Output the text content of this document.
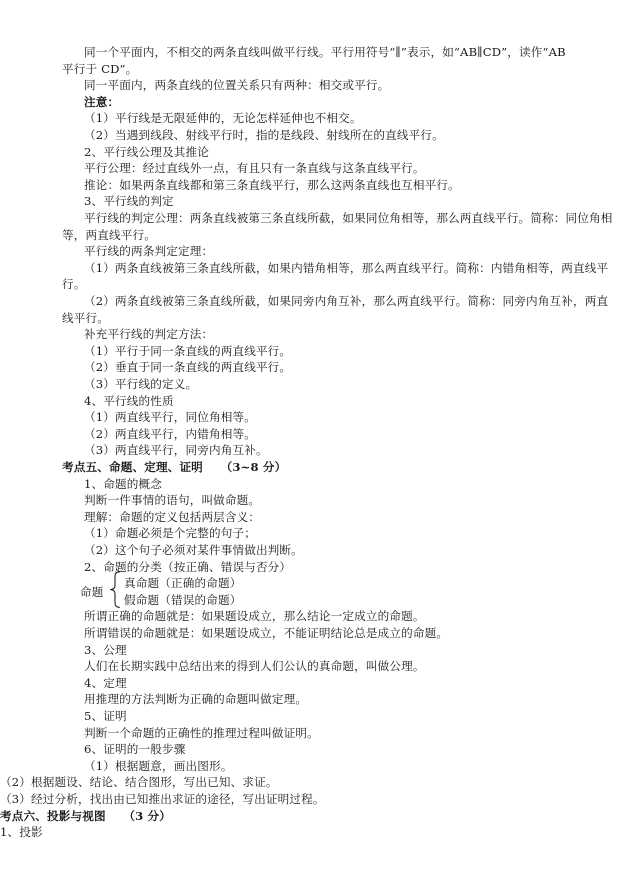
同一个平面内，不相交的两条直线叫做平行线。平行用符号“∥”表示，如“AB∥CD”，读作“AB
平行于 CD”。
同一平面内，两条直线的位置关系只有两种：相交或平行。
注意：
（1）平行线是无限延伸的，无论怎样延伸也不相交。
（2）当遇到线段、射线平行时，指的是线段、射线所在的直线平行。
2、平行线公理及其推论
平行公理：经过直线外一点，有且只有一条直线与这条直线平行。
推论：如果两条直线都和第三条直线平行，那么这两条直线也互相平行。
3、平行线的判定
平行线的判定公理：两条直线被第三条直线所截，如果同位角相等，那么两直线平行。简称：同位角相
等，两直线平行。
平行线的两条判定定理：
（1）两条直线被第三条直线所截，如果内错角相等，那么两直线平行。简称：内错角相等，两直线平
行。
（2）两条直线被第三条直线所截，如果同旁内角互补，那么两直线平行。简称：同旁内角互补，两直
线平行。
补充平行线的判定方法：
（1）平行于同一条直线的两直线平行。
（2）垂直于同一条直线的两直线平行。
（3）平行线的定义。
4、平行线的性质
（1）两直线平行，同位角相等。
（2）两直线平行，内错角相等。
（3）两直线平行，同旁内角互补。
考点五、命题、定理、证明　　（3~8 分）
1、命题的概念
判断一件事情的语句，叫做命题。
理解：命题的定义包括两层含义：
（1）命题必须是个完整的句子；
（2）这个句子必须对某件事情做出判断。
2、命题的分类（按正确、错误与否分）
命题
真命题（正确的命题）
假命题（错误的命题）
所谓正确的命题就是：如果题设成立，那么结论一定成立的命题。
所谓错误的命题就是：如果题设成立，不能证明结论总是成立的命题。
3、公理
人们在长期实践中总结出来的得到人们公认的真命题，叫做公理。
4、定理
用推理的方法判断为正确的命题叫做定理。
5、证明
判断一个命题的正确性的推理过程叫做证明。
6、证明的一般步骤
（1）根据题意，画出图形。
（2）根据题设、结论、结合图形，写出已知、求证。
（3）经过分析，找出由已知推出求证的途径，写出证明过程。
考点六、投影与视图　　（3 分）
1、投影
